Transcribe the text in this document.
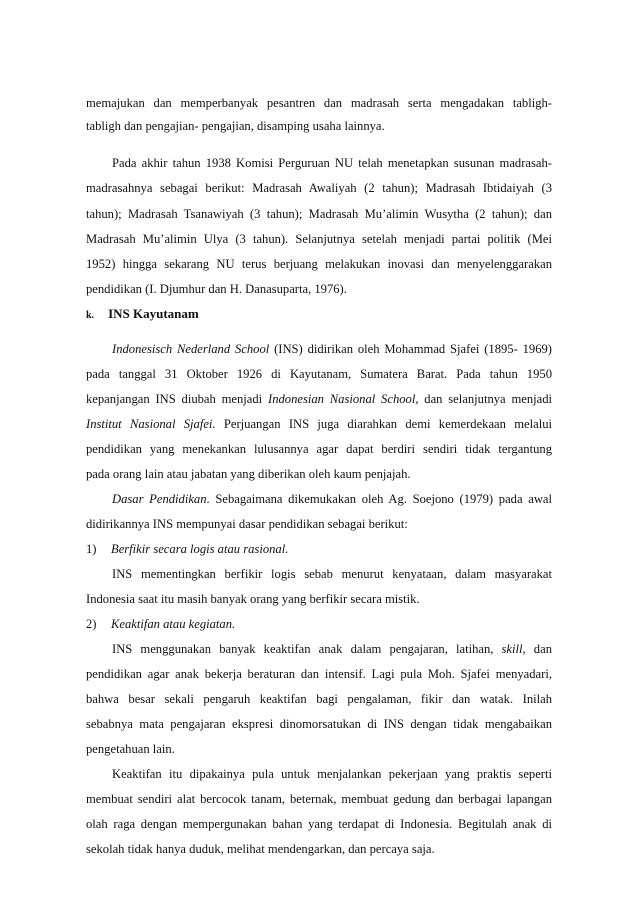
memajukan dan memperbanyak pesantren dan madrasah serta mengadakan tabligh-
tabligh dan pengajian- pengajian, disamping usaha lainnya.
Pada akhir tahun 1938 Komisi Perguruan NU telah menetapkan susunan madrasah-
madrasahnya sebagai berikut: Madrasah Awaliyah (2 tahun); Madrasah Ibtidaiyah (3
tahun); Madrasah Tsanawiyah (3 tahun); Madrasah Mu’alimin Wusytha (2 tahun); dan
Madrasah Mu’alimin Ulya (3 tahun). Selanjutnya setelah menjadi partai politik (Mei
1952) hingga sekarang NU terus berjuang melakukan inovasi dan menyelenggarakan
pendidikan (I. Djumhur dan H. Danasuparta, 1976).
k. INS Kayutanam
Indonesisch Nederland School (INS) didirikan oleh Mohammad Sjafei (1895- 1969)
pada tanggal 31 Oktober 1926 di Kayutanam, Sumatera Barat. Pada tahun 1950
kepanjangan INS diubah menjadi Indonesian Nasional School, dan selanjutnya menjadi
Institut Nasional Sjafei. Perjuangan INS juga diarahkan demi kemerdekaan melalui
pendidikan yang menekankan lulusannya agar dapat berdiri sendiri tidak tergantung
pada orang lain atau jabatan yang diberikan oleh kaum penjajah.
Dasar Pendidikan. Sebagaimana dikemukakan oleh Ag. Soejono (1979) pada awal
didirikannya INS mempunyai dasar pendidikan sebagai berikut:
1) Berfikir secara logis atau rasional.
INS mementingkan berfikir logis sebab menurut kenyataan, dalam masyarakat
Indonesia saat itu masih banyak orang yang berfikir secara mistik.
2) Keaktifan atau kegiatan.
INS menggunakan banyak keaktifan anak dalam pengajaran, latihan, skill, dan
pendidikan agar anak bekerja beraturan dan intensif. Lagi pula Moh. Sjafei menyadari,
bahwa besar sekali pengaruh keaktifan bagi pengalaman, fikir dan watak. Inilah
sebabnya mata pengajaran ekspresi dinomorsatukan di INS dengan tidak mengabaikan
pengetahuan lain.
Keaktifan itu dipakainya pula untuk menjalankan pekerjaan yang praktis seperti
membuat sendiri alat bercocok tanam, beternak, membuat gedung dan berbagai lapangan
olah raga dengan mempergunakan bahan yang terdapat di Indonesia. Begitulah anak di
sekolah tidak hanya duduk, melihat mendengarkan, dan percaya saja.
